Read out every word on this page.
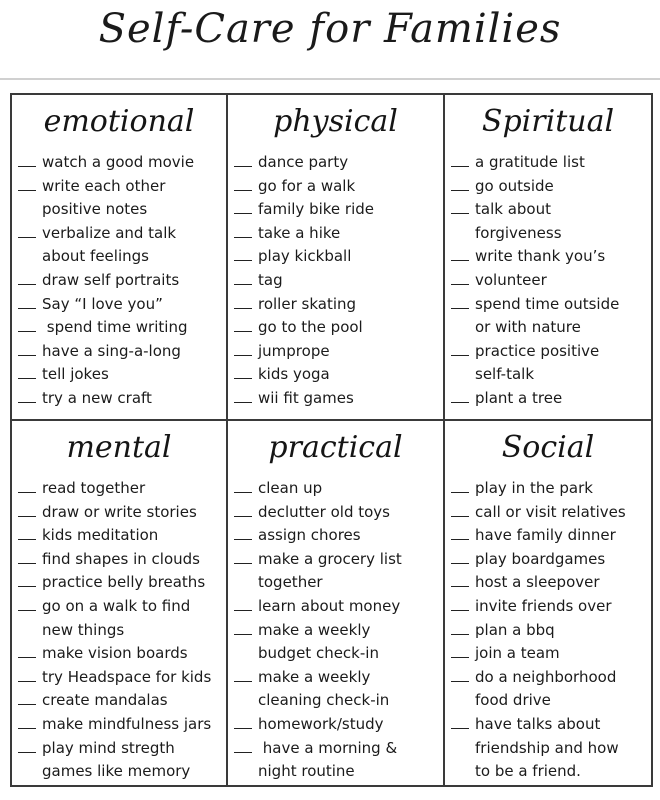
Self-Care for Families
emotional
watch a good movie
write each other
positive notes
verbalize and talk
about feelings
draw self portraits
Say “I love you”
spend time writing
have a sing-a-long
tell jokes
try a new craft
physical
dance party
go for a walk
family bike ride
take a hike
play kickball
tag
roller skating
go to the pool
jumprope
kids yoga
wii fit games
Spiritual
a gratitude list
go outside
talk about
forgiveness
write thank you’s
volunteer
spend time outside
or with nature
practice positive
self-talk
plant a tree
mental
read together
draw or write stories
kids meditation
find shapes in clouds
practice belly breaths
go on a walk to find
new things
make vision boards
try Headspace for kids
create mandalas
make mindfulness jars
play mind stregth
games like memory
practical
clean up
declutter old toys
assign chores
make a grocery list
together
learn about money
make a weekly
budget check-in
make a weekly
cleaning check-in
homework/study
have a morning &
night routine
Social
play in the park
call or visit relatives
have family dinner
play boardgames
host a sleepover
invite friends over
plan a bbq
join a team
do a neighborhood
food drive
have talks about
friendship and how
to be a friend.
